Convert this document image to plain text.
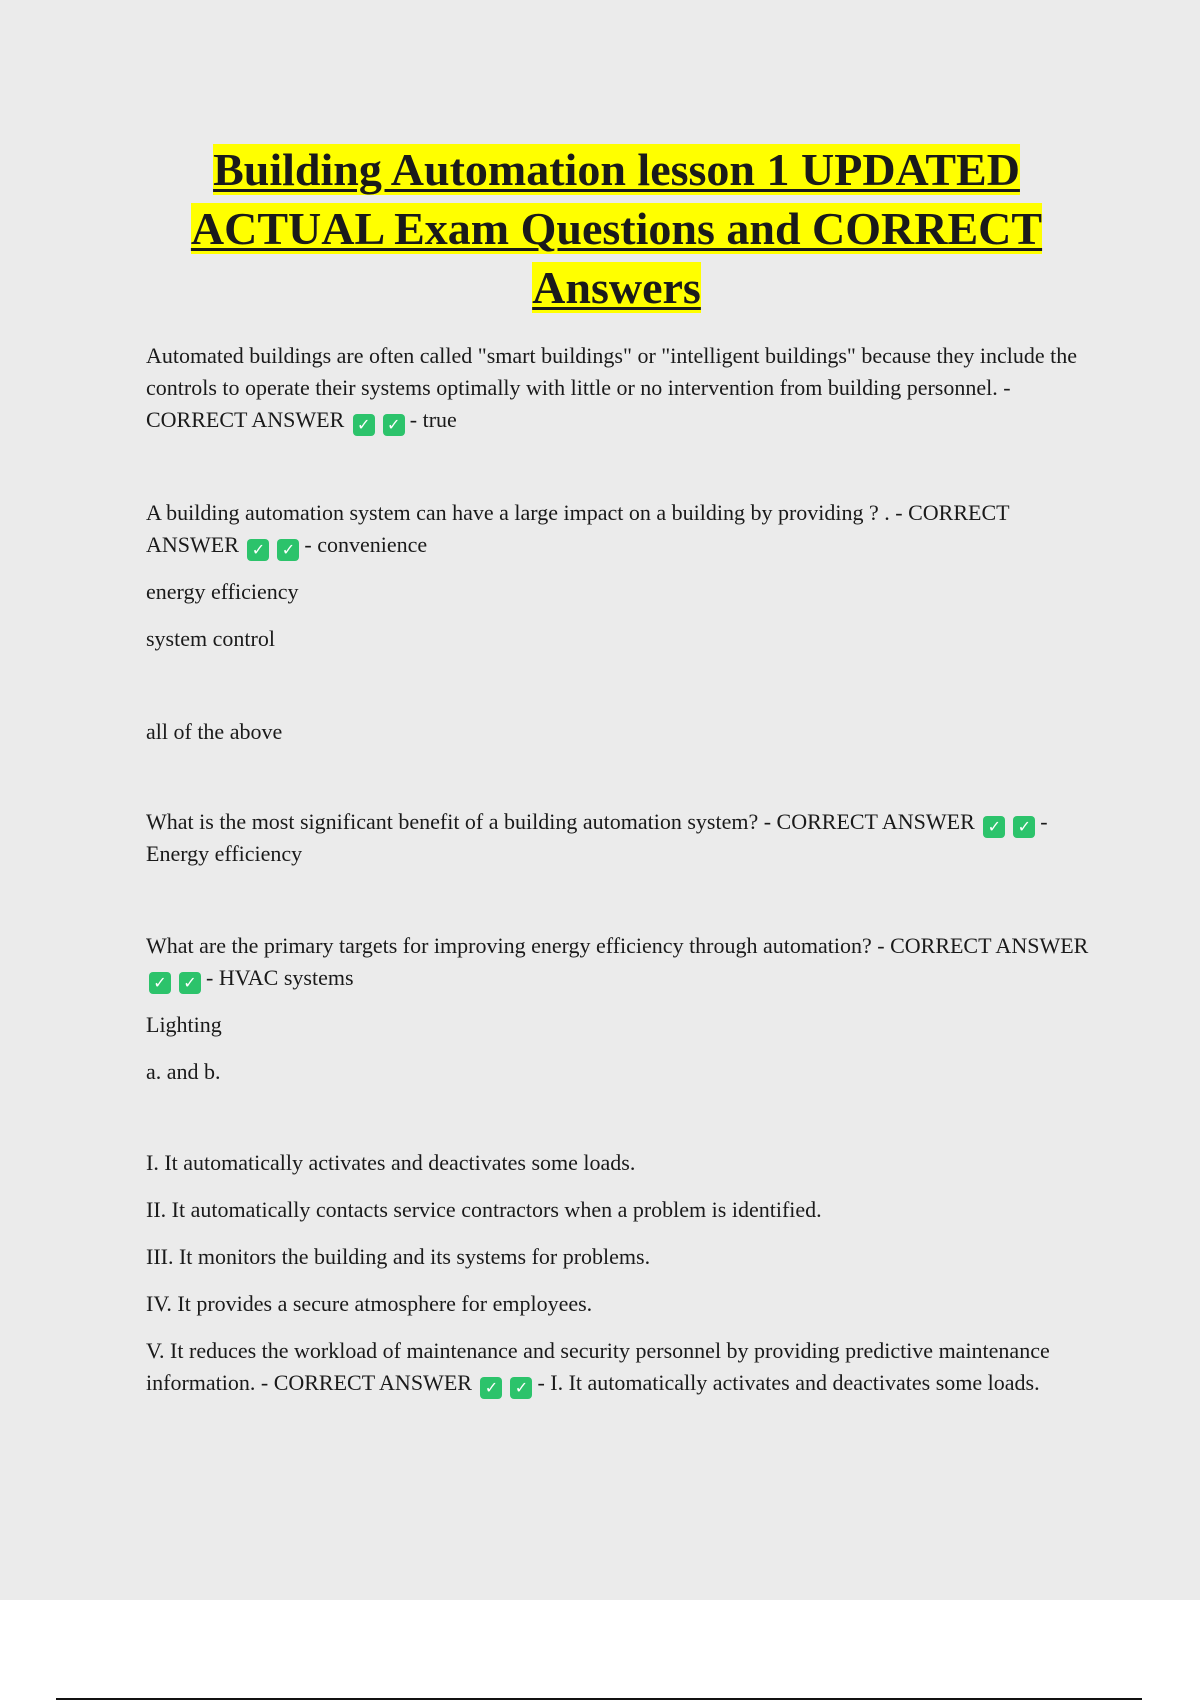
Building Automation lesson 1 UPDATED ACTUAL Exam Questions and CORRECT Answers

Automated buildings are often called "smart buildings" or "intelligent buildings" because they include the controls to operate their systems optimally with little or no intervention from building personnel. - CORRECT ANSWER ✓ ✓ - true

A building automation system can have a large impact on a building by providing ? . - CORRECT ANSWER ✓ ✓ - convenience

energy efficiency

system control

all of the above

What is the most significant benefit of a building automation system? - CORRECT ANSWER ✓ ✓ - Energy efficiency

What are the primary targets for improving energy efficiency through automation? - CORRECT ANSWER ✓ ✓ - HVAC systems

Lighting

a. and b.

I. It automatically activates and deactivates some loads.

II. It automatically contacts service contractors when a problem is identified.

III. It monitors the building and its systems for problems.

IV. It provides a secure atmosphere for employees.

V. It reduces the workload of maintenance and security personnel by providing predictive maintenance information. - CORRECT ANSWER ✓ ✓ - I. It automatically activates and deactivates some loads.
